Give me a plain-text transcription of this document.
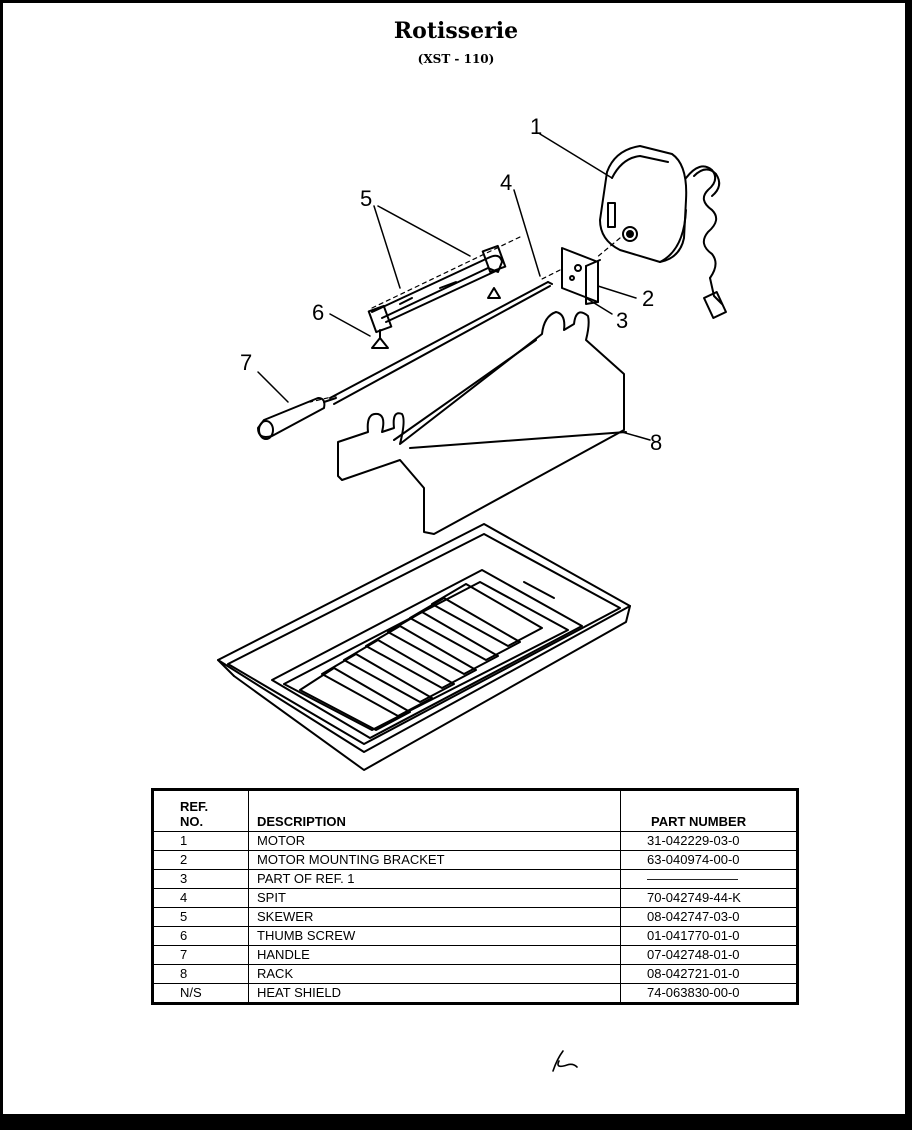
Rotisserie
(XST - 110)
1
2
3
4
5
6
7
8
REF.
NO.	DESCRIPTION	PART NUMBER
1	MOTOR	31-042229-03-0
2	MOTOR MOUNTING BRACKET	63-040974-00-0
3	PART OF REF. 1	———————
4	SPIT	70-042749-44-K
5	SKEWER	08-042747-03-0
6	THUMB SCREW	01-041770-01-0
7	HANDLE	07-042748-01-0
8	RACK	08-042721-01-0
N/S	HEAT SHIELD	74-063830-00-0
